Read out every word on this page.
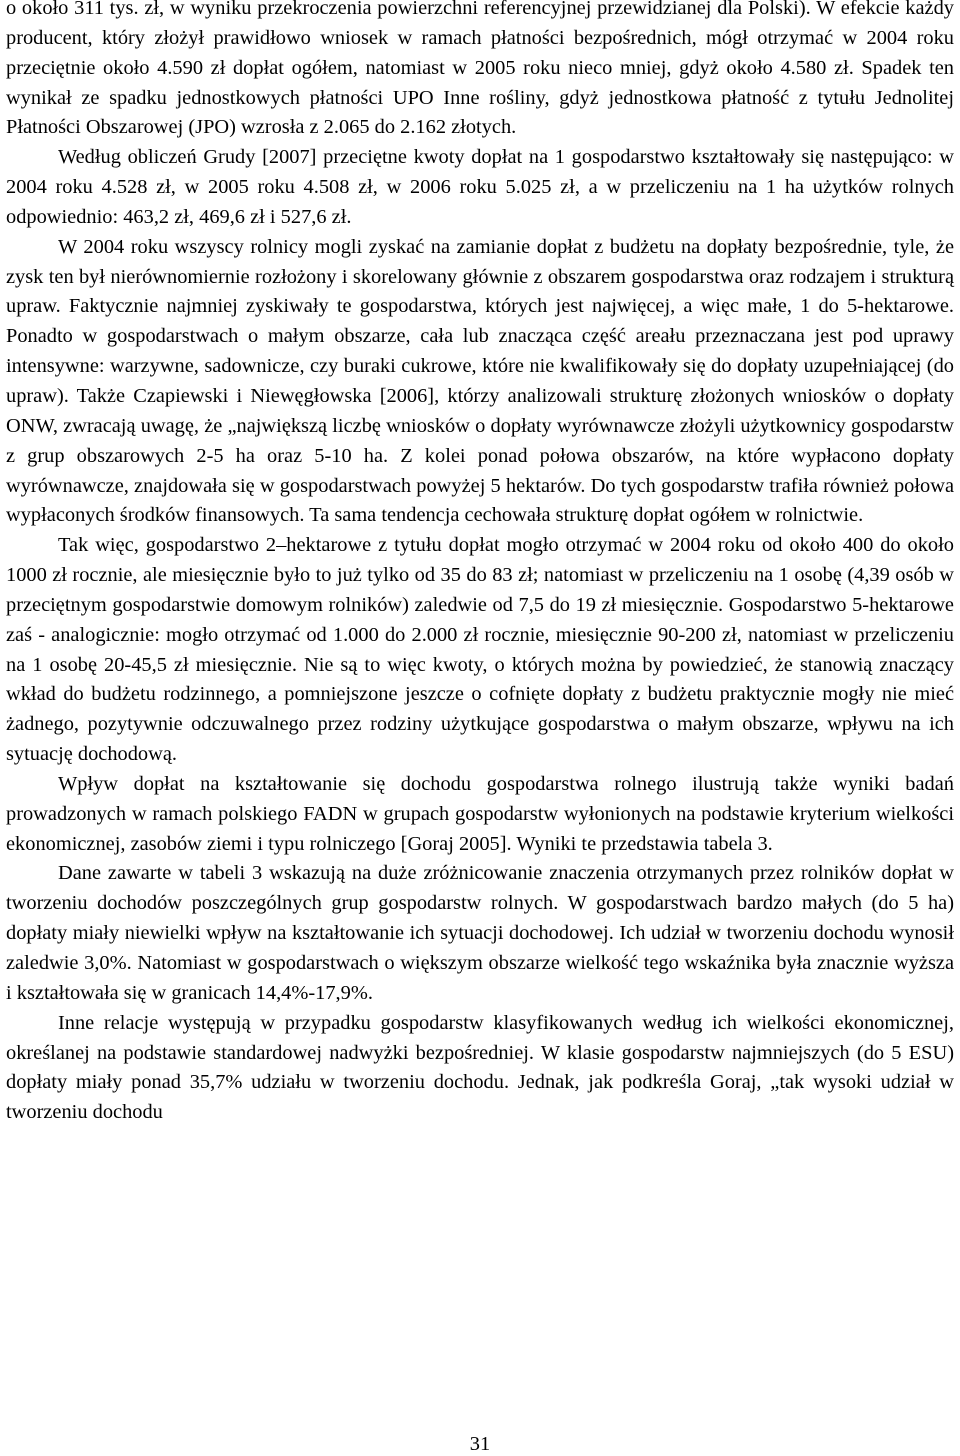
o około 311 tys. zł, w wyniku przekroczenia powierzchni referencyjnej przewidzianej dla Polski). W efekcie każdy producent, który złożył prawidłowo wniosek w ramach płatności bezpośrednich, mógł otrzymać w 2004 roku przeciętnie około 4.590 zł dopłat ogółem, natomiast w 2005 roku nieco mniej, gdyż około 4.580 zł. Spadek ten wynikał ze spadku jednostkowych płatności UPO Inne rośliny, gdyż jednostkowa płatność z tytułu Jednolitej Płatności Obszarowej (JPO) wzrosła z 2.065 do 2.162 złotych.

Według obliczeń Grudy [2007] przeciętne kwoty dopłat na 1 gospodarstwo kształtowały się następująco: w 2004 roku 4.528 zł, w 2005 roku 4.508 zł, w 2006 roku 5.025 zł, a w przeliczeniu na 1 ha użytków rolnych odpowiednio: 463,2 zł, 469,6 zł i 527,6 zł.

W 2004 roku wszyscy rolnicy mogli zyskać na zamianie dopłat z budżetu na dopłaty bezpośrednie, tyle, że zysk ten był nierównomiernie rozłożony i skorelowany głównie z obszarem gospodarstwa oraz rodzajem i strukturą upraw. Faktycznie najmniej zyskiwały te gospodarstwa, których jest najwięcej, a więc małe, 1 do 5-hektarowe. Ponadto w gospodarstwach o małym obszarze, cała lub znacząca część areału przeznaczana jest pod uprawy intensywne: warzywne, sadownicze, czy buraki cukrowe, które nie kwalifikowały się do dopłaty uzupełniającej (do upraw). Także Czapiewski i Niewęgłowska [2006], którzy analizowali strukturę złożonych wniosków o dopłaty ONW, zwracają uwagę, że „największą liczbę wniosków o dopłaty wyrównawcze złożyli użytkownicy gospodarstw z grup obszarowych 2-5 ha oraz 5-10 ha. Z kolei ponad połowa obszarów, na które wypłacono dopłaty wyrównawcze, znajdowała się w gospodarstwach powyżej 5 hektarów. Do tych gospodarstw trafiła również połowa wypłaconych środków finansowych. Ta sama tendencja cechowała strukturę dopłat ogółem w rolnictwie.

Tak więc, gospodarstwo 2–hektarowe z tytułu dopłat mogło otrzymać w 2004 roku od około 400 do około 1000 zł rocznie, ale miesięcznie było to już tylko od 35 do 83 zł; natomiast w przeliczeniu na 1 osobę (4,39 osób w przeciętnym gospodarstwie domowym rolników) zaledwie od 7,5 do 19 zł miesięcznie. Gospodarstwo 5-hektarowe zaś - analogicznie: mogło otrzymać od 1.000 do 2.000 zł rocznie, miesięcznie 90-200 zł, natomiast w przeliczeniu na 1 osobę 20-45,5 zł miesięcznie. Nie są to więc kwoty, o których można by powiedzieć, że stanowią znaczący wkład do budżetu rodzinnego, a pomniejszone jeszcze o cofnięte dopłaty z budżetu praktycznie mogły nie mieć żadnego, pozytywnie odczuwalnego przez rodziny użytkujące gospodarstwa o małym obszarze, wpływu na ich sytuację dochodową.

Wpływ dopłat na kształtowanie się dochodu gospodarstwa rolnego ilustrują także wyniki badań prowadzonych w ramach polskiego FADN w grupach gospodarstw wyłonionych na podstawie kryterium wielkości ekonomicznej, zasobów ziemi i typu rolniczego [Goraj 2005]. Wyniki te przedstawia tabela 3.

Dane zawarte w tabeli 3 wskazują na duże zróżnicowanie znaczenia otrzymanych przez rolników dopłat w tworzeniu dochodów poszczególnych grup gospodarstw rolnych. W gospodarstwach bardzo małych (do 5 ha) dopłaty miały niewielki wpływ na kształtowanie ich sytuacji dochodowej. Ich udział w tworzeniu dochodu wynosił zaledwie 3,0%. Natomiast w gospodarstwach o większym obszarze wielkość tego wskaźnika była znacznie wyższa i kształtowała się w granicach 14,4%-17,9%.

Inne relacje występują w przypadku gospodarstw klasyfikowanych według ich wielkości ekonomicznej, określanej na podstawie standardowej nadwyżki bezpośredniej. W klasie gospodarstw najmniejszych (do 5 ESU) dopłaty miały ponad 35,7% udziału w tworzeniu dochodu. Jednak, jak podkreśla Goraj, „tak wysoki udział w tworzeniu dochodu

31
